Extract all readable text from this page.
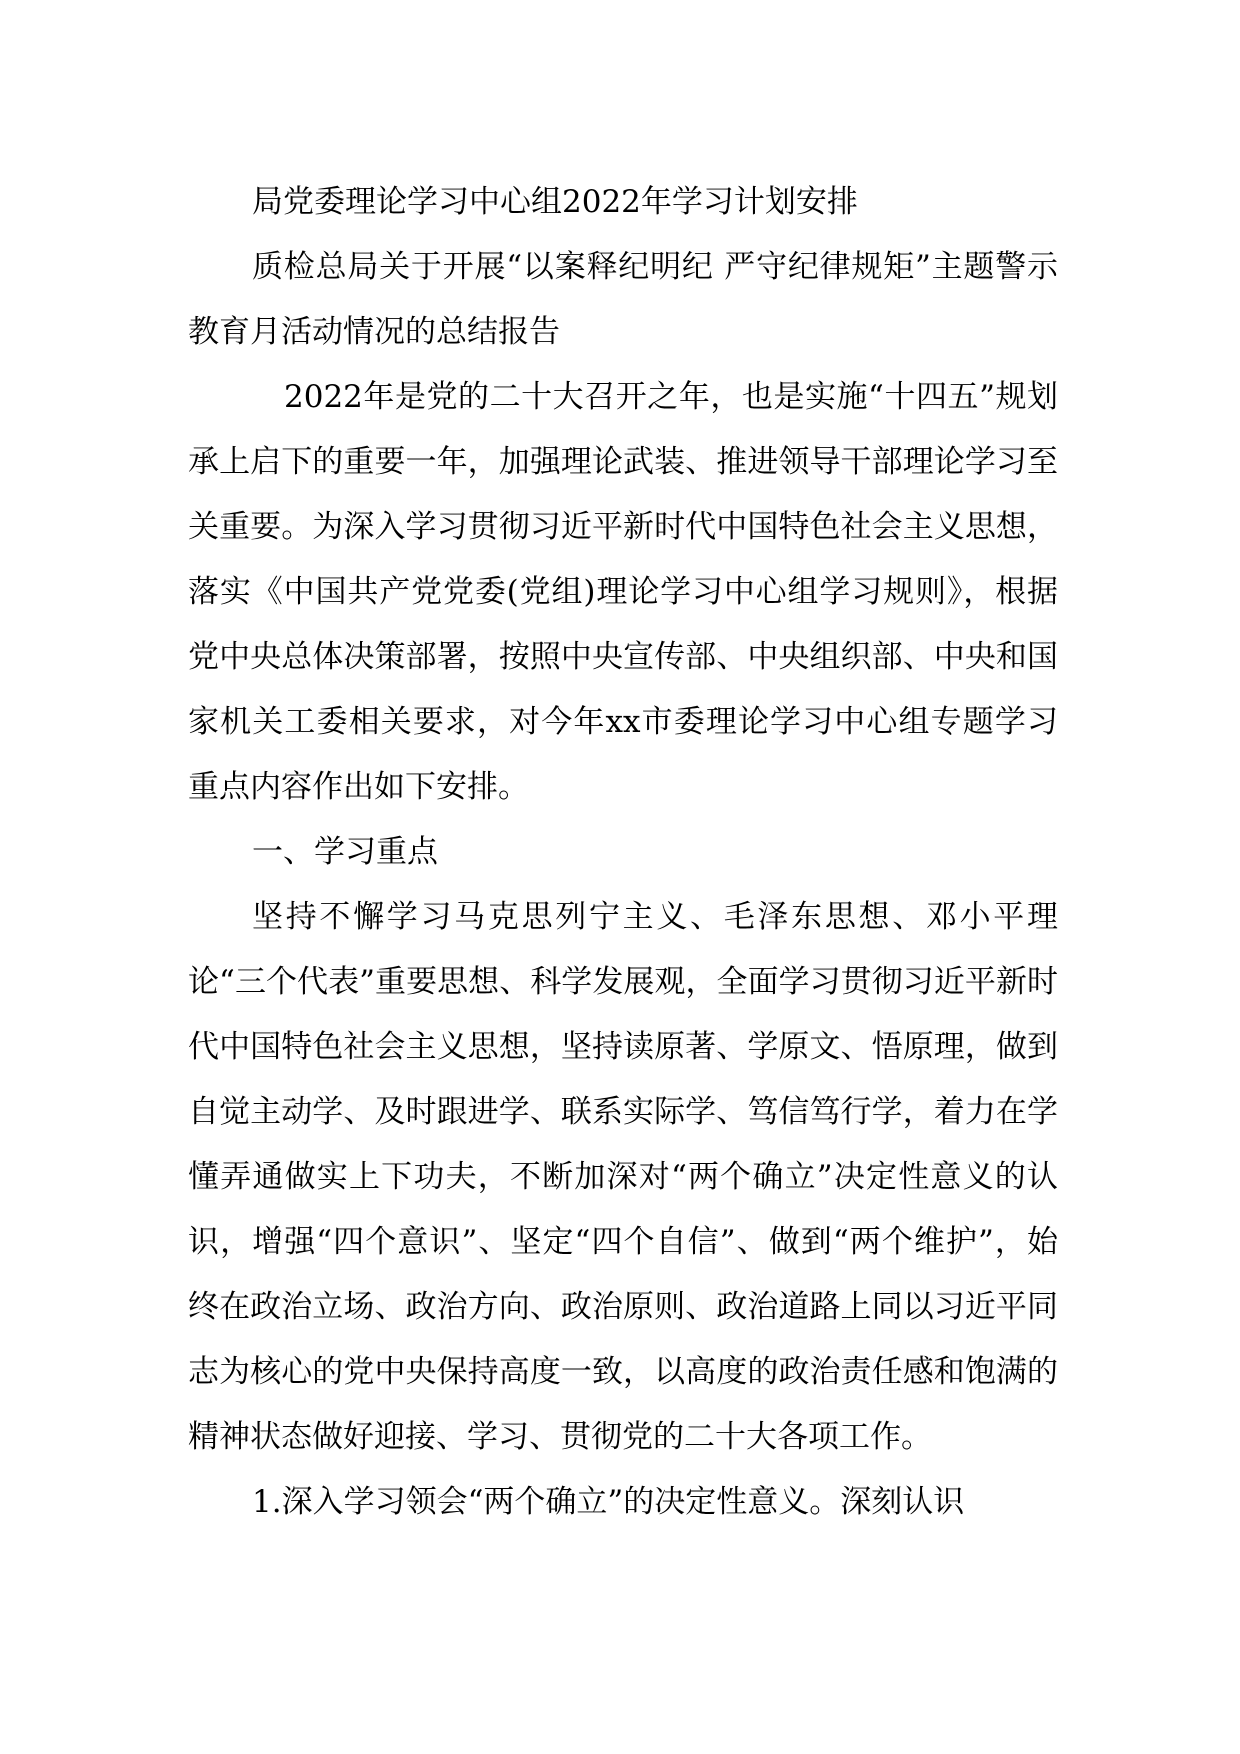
局党委理论学习中心组2022年学习计划安排

质检总局关于开展“以案释纪明纪 严守纪律规矩”主题警示教育月活动情况的总结报告

2022年是党的二十大召开之年，也是实施“十四五”规划承上启下的重要一年，加强理论武装、推进领导干部理论学习至关重要。为深入学习贯彻习近平新时代中国特色社会主义思想， 落实《中国共产党党委(党组)理论学习中心组学习规则》，根据党中央总体决策部署，按照中央宣传部、中央组织部、中央和国家机关工委相关要求，对今年xx市委理论学习中心组专题学习重点内容作出如下安排。

一、学习重点

坚持不懈学习马克思列宁主义、毛泽东思想、邓小平理论“三个代表”重要思想、科学发展观，全面学习贯彻习近平新时代中国特色社会主义思想，坚持读原著、学原文、悟原理，做到自觉主动学、及时跟进学、联系实际学、笃信笃行学，着力在学懂弄通做实上下功夫，不断加深对“两个确立”决定性意义的认识，增强“四个意识”、坚定“四个自信”、做到“两个维护”，始终在政治立场、政治方向、政治原则、政治道路上同以习近平同志为核心的党中央保持高度一致，以高度的政治责任感和饱满的精神状态做好迎接、学习、贯彻党的二十大各项工作。

1.深入学习领会“两个确立”的决定性意义。深刻认识
